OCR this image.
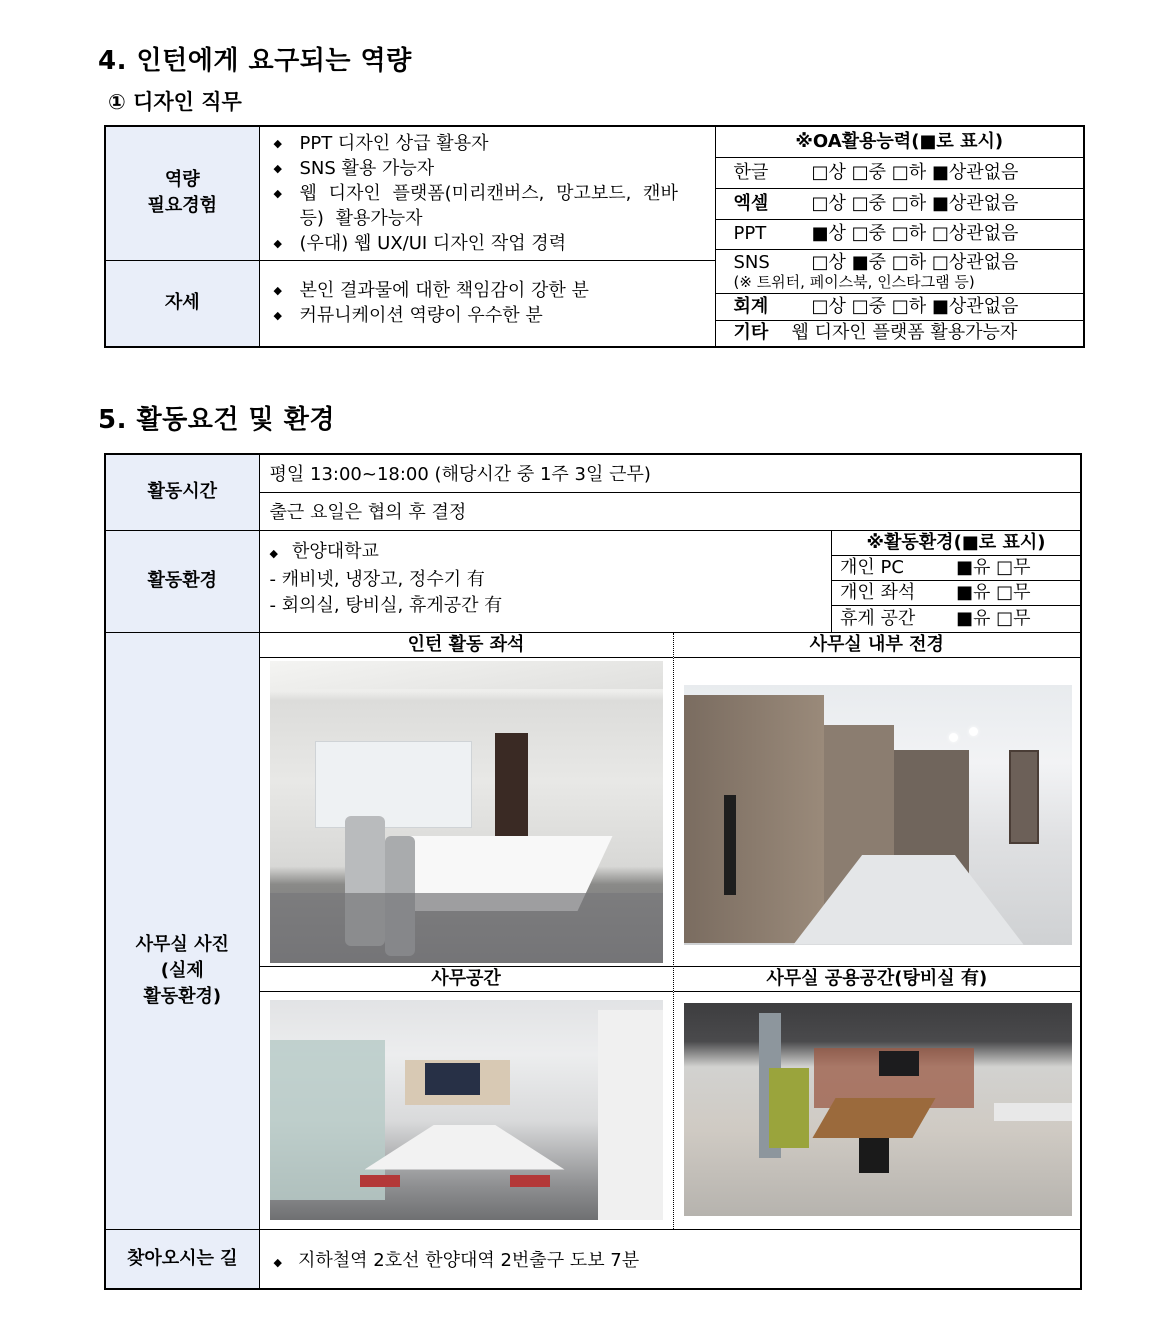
4. 인턴에게 요구되는 역량
① 디자인 직무
역량
필요경험

◆ PPT 디자인 상급 활용자
◆ SNS 활용 가능자
◆ 웹 디자인 플랫폼(미리캔버스, 망고보드, 캔바 등) 활용가능자
◆ (우대) 웹 UX/UI 디자인 작업 경력

※OA활용능력(■로 표시)
한글 □상 □중 □하 ■상관없음
엑셀 □상 □중 □하 ■상관없음
PPT	■상 □중 □하 □상관없음

SNS □상 ■중 □하 □상관없음
(※ 트위터, 페이스북, 인스타그램 등)

회계 □상 □중 □하 ■상관없음
기타 웹 디자인 플랫폼 활용가능자

자세

◆ 본인 결과물에 대한 책임감이 강한 분
◆ 커뮤니케이션 역량이 우수한 분
5. 활동요건 및 환경
활동시간	평일 13:00~18:00 (해당시간 중 1주 3일 근무)
출근 요일은 협의 후 결정
활동환경	
◆ 한양대학교
- 캐비넷, 냉장고, 정수기 有
- 회의실, 탕비실, 휴게공간 有
※활동환경(■로 표시)
개인 PC	■유 □무
개인 좌석 ■유 □무
휴게 공간 ■유 □무

사무실 사진
(실제
활동환경)

인턴 활동 좌석	사무실 내부 전경
사무공간	사무실 공용공간(탕비실 有)

찾아오시는 길	◆ 지하철역 2호선 한양대역 2번출구 도보 7분
